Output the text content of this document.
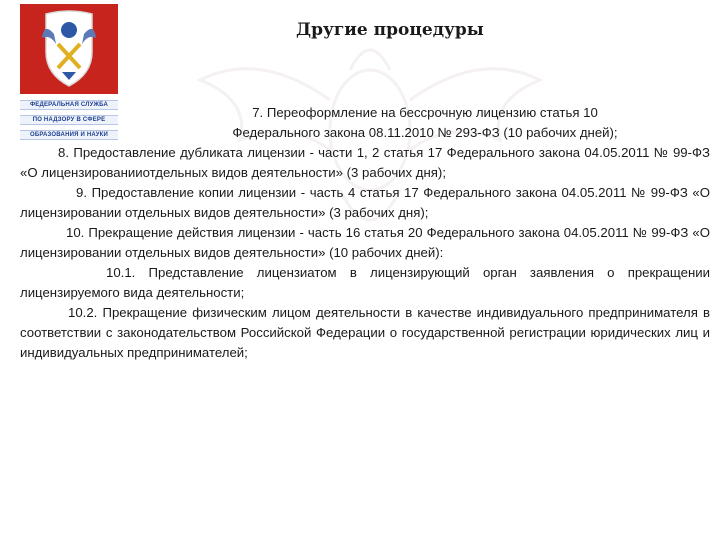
ФЕДЕРАЛЬНАЯ СЛУЖБА
ПО НАДЗОРУ В СФЕРЕ
ОБРАЗОВАНИЯ И НАУКИ
Другие процедуры

7. Переоформление на бессрочную лицензию статья 10
Федерального закона 08.11.2010 № 293-ФЗ (10 рабочих дней);

8. Предоставление дубликата лицензии - части 1, 2 статья 17 Федерального закона 04.05.2011 № 99-ФЗ «О лицензированииотдельных видов деятельности» (3 рабочих дня);

9. Предоставление копии лицензии - часть 4 статья 17 Федерального закона 04.05.2011 № 99-ФЗ «О лицензировании отдельных видов деятельности» (3 рабочих дня);

10. Прекращение действия лицензии - часть 16 статья 20 Федерального закона 04.05.2011 № 99-ФЗ «О лицензировании отдельных видов деятельности» (10 рабочих дней):

10.1. Представление лицензиатом в лицензирующий орган заявления о прекращении лицензируемого вида деятельности;

10.2. Прекращение физическим лицом деятельности в качестве индивидуального предпринимателя в соответствии с законодательством Российской Федерации о государственной регистрации юридических лиц и индивидуальных предпринимателей;
